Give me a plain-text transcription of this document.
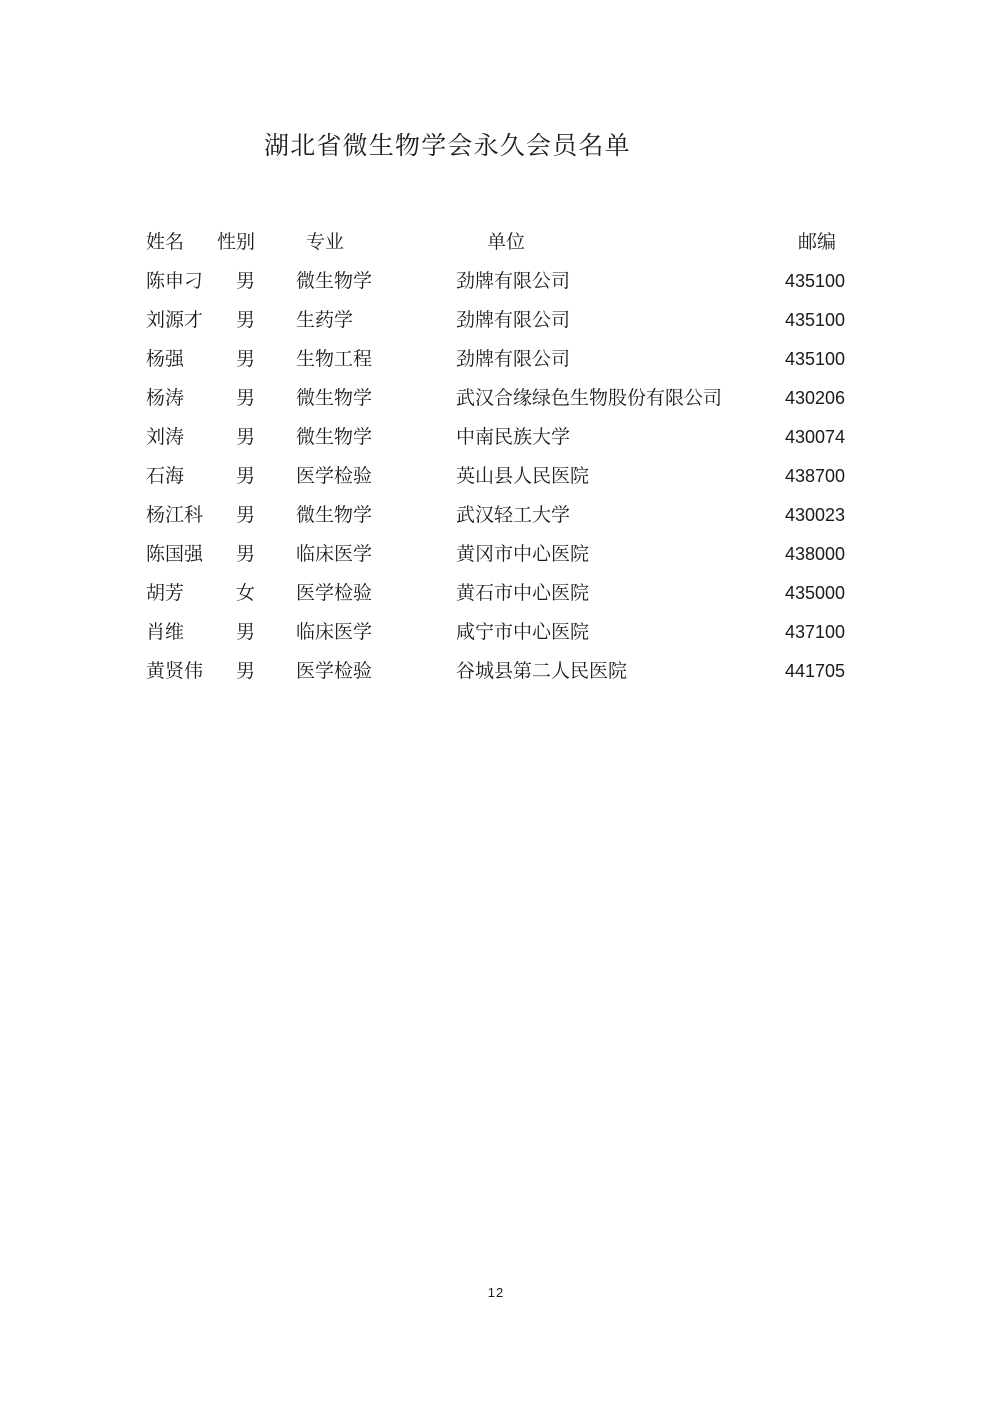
湖北省微生物学会永久会员名单
姓名 性别	专业	单位	邮编
陈申刁 男 微生物学	劲牌有限公司	435100
刘源才 男 生药学	劲牌有限公司	435100
杨强	男 生物工程	劲牌有限公司	435100
杨涛	男 微生物学	武汉合缘绿色生物股份有限公司	430206
刘涛	男 微生物学	中南民族大学	430074
石海	男 医学检验	英山县人民医院	438700
杨江科 男 微生物学	武汉轻工大学	430023
陈国强 男 临床医学	黄冈市中心医院	438000
胡芳	女 医学检验	黄石市中心医院	435000
肖维	男 临床医学	咸宁市中心医院	437100
黄贤伟 男 医学检验	谷城县第二人民医院	441705
12
